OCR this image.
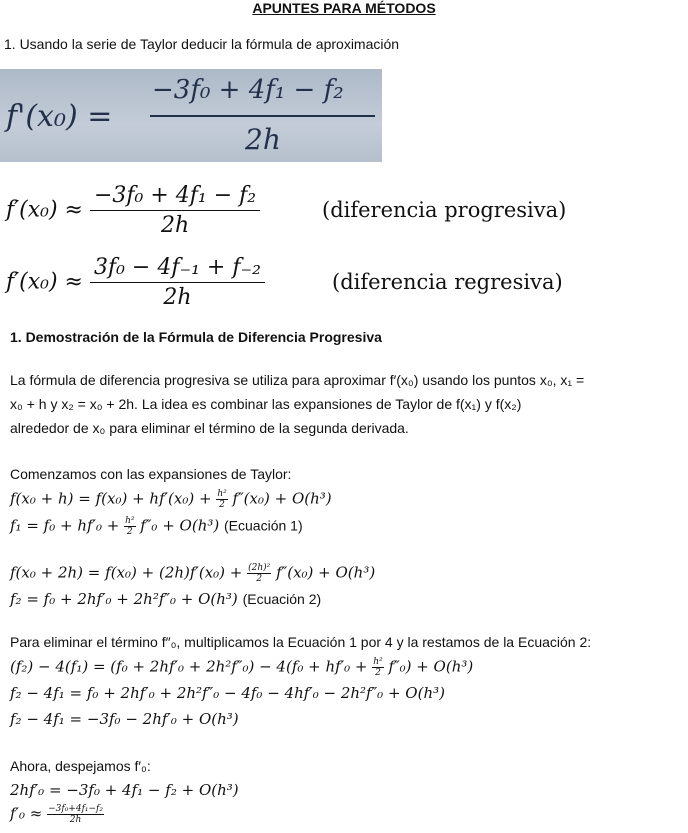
APUNTES PARA MÉTODOS
1. Usando la serie de Taylor deducir la fórmula de aproximación
f'(x₀) =
−3f₀ + 4f₁ − f₂
2h
$f'(x_0) \approx \frac{\text{−3f₀ + 4f₁ − f₂}}{2h}$	(diferencia progresiva)
$f'(x_0) \approx \frac{\text{3f₀ − 4f₋₁ + f₋₂}}{2h}$	(diferencia regresiva)
1. Demostración de la Fórmula de Diferencia Progresiva
La fórmula de diferencia progresiva se utiliza para aproximar f′(x₀) usando los puntos x₀, x₁ =
x₀ + h y x₂ = x₀ + 2h. La idea es combinar las expansiones de Taylor de f(x₁) y f(x₂)
alrededor de x₀ para eliminar el término de la segunda derivada.
Comenzamos con las expansiones de Taylor:
$f(x_0 + h) = f(x_0) + hf'(x_0) + \frac{\text{h²}}{2} f''(x_0) + O(h^3)$
$f_1 = f_0 + hf'_0 + \frac{\text{h²}}{2} f''_0 + O(h^3)$ (Ecuación 1)
$f(x_0 + 2h) = f(x_0) + (2h)f'(x_0) + \frac{\text{(2h)²}}{2} f''(x_0) + O(h^3)$
f₂ = f₀ + 2hf′₀ + 2h²f″₀ + O(h³) (Ecuación 2)
Para eliminar el término f″₀, multiplicamos la Ecuación 1 por 4 y la restamos de la Ecuación 2:
$(f_2) - 4(f_1) = (f_0 + 2hf'_0 + 2h^2f''_0) - 4(f_0 + hf'_0 + \frac{\text{h²}}{2} f''_0) + O(h^3)$
f₂ − 4f₁ = f₀ + 2hf′₀ + 2h²f″₀ − 4f₀ − 4hf′₀ − 2h²f″₀ + O(h³)
f₂ − 4f₁ = −3f₀ − 2hf′₀ + O(h³)
Ahora, despejamos f′₀:
2hf′₀ = −3f₀ + 4f₁ − f₂ + O(h³)
$f'_0 \approx \frac{\text{−3f₀+4f₁−f₂}}{2h}$
